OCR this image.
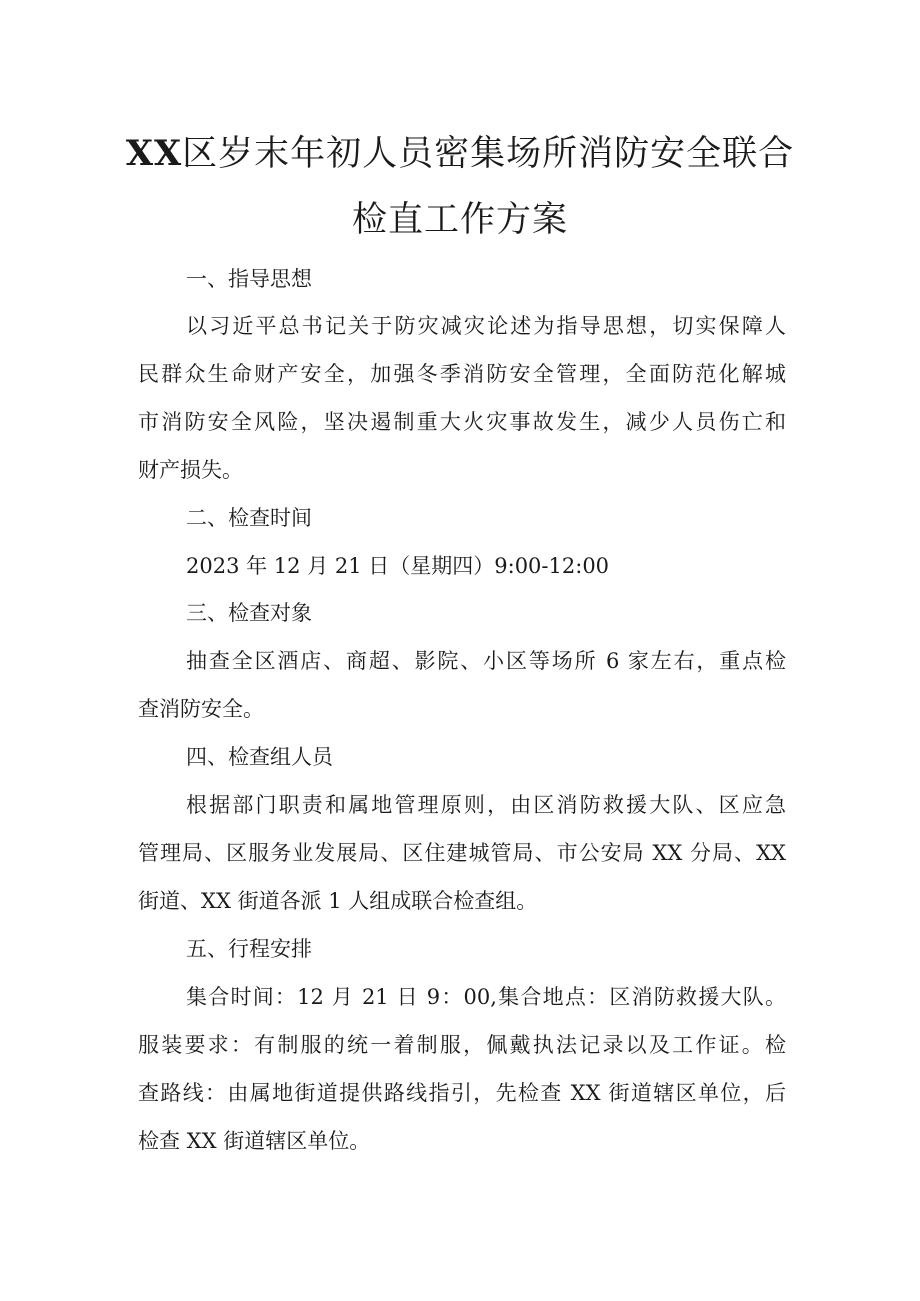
XX区岁末年初人员密集场所消防安全联合
检直工作方案

一、指导思想

以习近平总书记关于防灾减灾论述为指导思想，切实保障人

民群众生命财产安全，加强冬季消防安全管理，全面防范化解城

市消防安全风险，坚决遏制重大火灾事故发生，减少人员伤亡和

财产损失。

二、检查时间

2023 年 12 月 21 日（星期四）9:00-12:00

三、检查对象

抽查全区酒店、商超、影院、小区等场所 6 家左右，重点检

查消防安全。

四、检查组人员

根据部门职责和属地管理原则，由区消防救援大队、区应急

管理局、区服务业发展局、区住建城管局、市公安局 XX 分局、XX

街道、XX 街道各派 1 人组成联合检查组。

五、行程安排

集合时间：12 月 21 日 9：00,集合地点：区消防救援大队。

服装要求：有制服的统一着制服，佩戴执法记录以及工作证。检

查路线：由属地街道提供路线指引，先检查 XX 街道辖区单位，后

检查 XX 街道辖区单位。
